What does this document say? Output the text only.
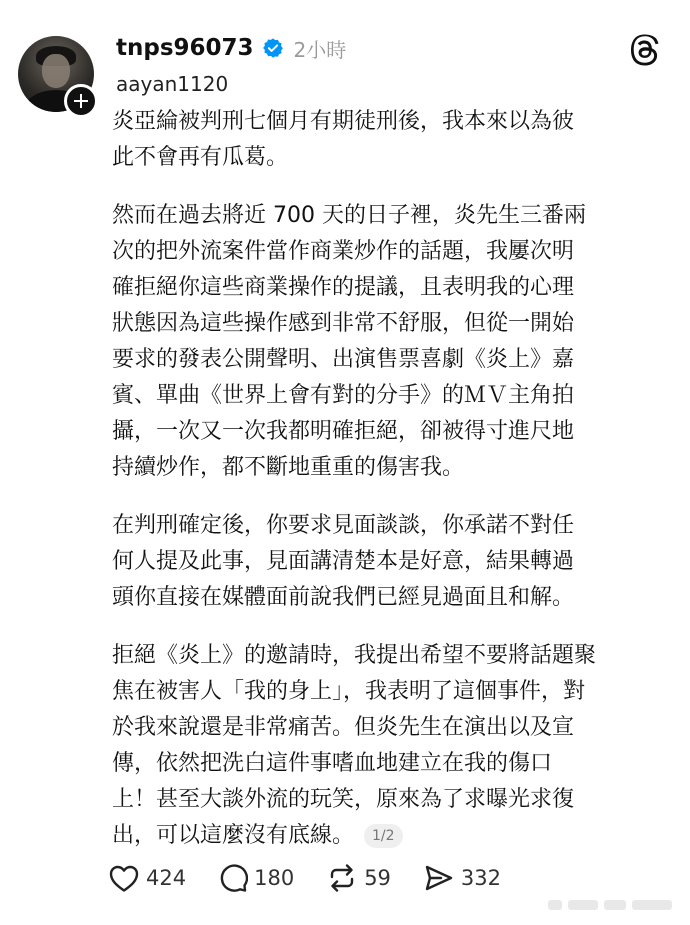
tnps96073 2小時
aayan1120

炎亞綸被判刑七個月有期徒刑後，我本來以為彼
此不會再有瓜葛。

然而在過去將近 700 天的日子裡，炎先生三番兩
次的把外流案件當作商業炒作的話題，我屢次明
確拒絕你這些商業操作的提議，且表明我的心理
狀態因為這些操作感到非常不舒服，但從一開始
要求的發表公開聲明、出演售票喜劇《炎上》嘉
賓、單曲《世界上會有對的分手》的ＭＶ主角拍
攝，一次又一次我都明確拒絕，卻被得寸進尺地
持續炒作，都不斷地重重的傷害我。

在判刑確定後，你要求見面談談，你承諾不對任
何人提及此事，見面講清楚本是好意，結果轉過
頭你直接在媒體面前說我們已經見過面且和解。

拒絕《炎上》的邀請時，我提出希望不要將話題聚
焦在被害人「我的身上」，我表明了這個事件，對
於我來說還是非常痛苦。但炎先生在演出以及宣
傳，依然把洗白這件事嗜血地建立在我的傷口
上！甚至大談外流的玩笑，原來為了求曝光求復
出，可以這麼沒有底線。 1/2

424	180	59	332
